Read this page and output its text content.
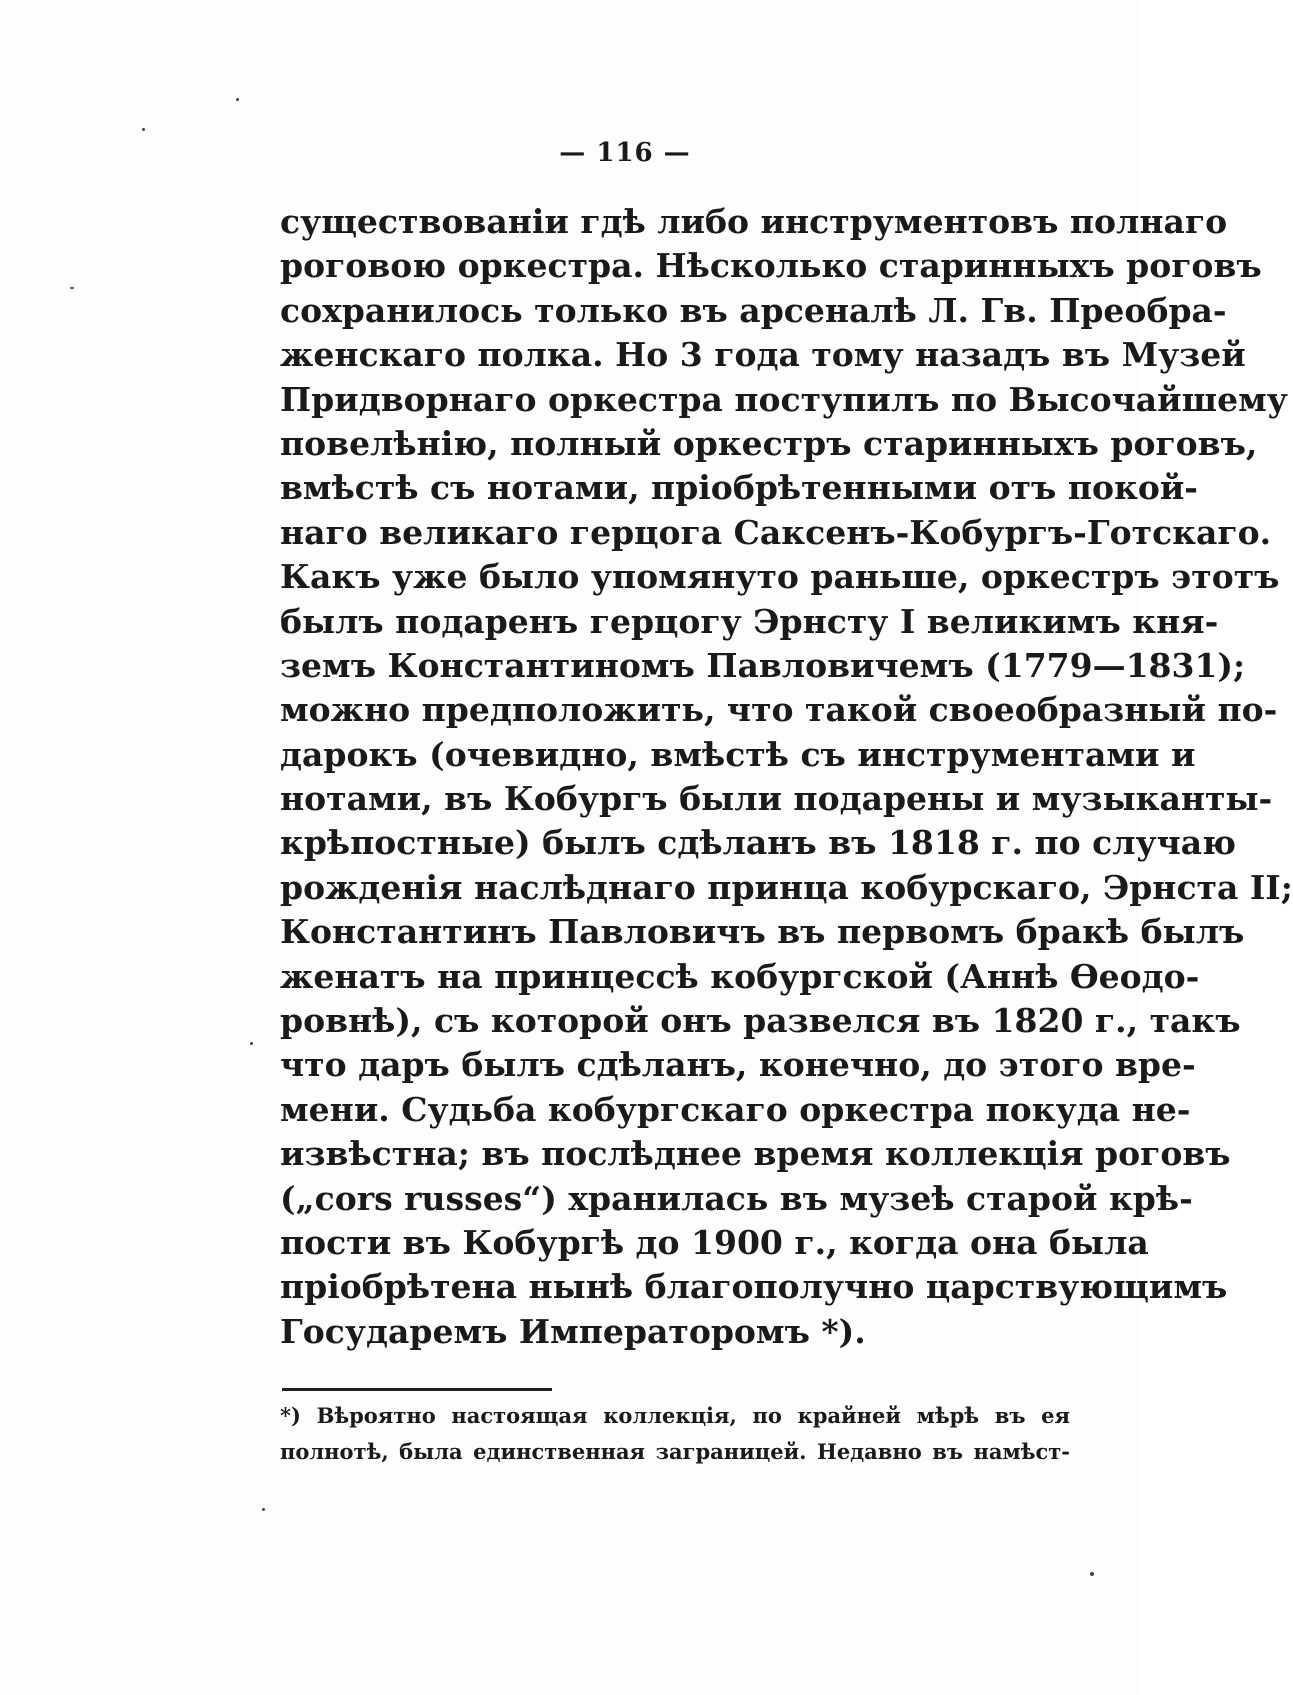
— 116 —
существованіи гдѣ либо инструментовъ полнаго
роговою оркестра. Нѣсколько старинныхъ роговъ
сохранилось только въ арсеналѣ Л. Гв. Преобра-
женскаго полка. Но 3 года тому назадъ въ Музей
Придворнаго оркестра поступилъ по Высочайшему
повелѣнію, полный оркестръ старинныхъ роговъ,
вмѣстѣ съ нотами, пріобрѣтенными отъ покой-
наго великаго герцога Саксенъ-Кобургъ-Готскаго.
Какъ уже было упомянуто раньше, оркестръ этотъ
былъ подаренъ герцогу Эрнсту I великимъ кня-
земъ Константиномъ Павловичемъ (1779—1831);
можно предположить, что такой своеобразный по-
дарокъ (очевидно, вмѣстѣ съ инструментами и
нотами, въ Кобургъ были подарены и музыканты-
крѣпостные) былъ сдѣланъ въ 1818 г. по случаю
рожденія наслѣднаго принца кобурскаго, Эрнста II;
Константинъ Павловичъ въ первомъ бракѣ былъ
женатъ на принцессѣ кобургской (Аннѣ Ѳеодо-
ровнѣ), съ которой онъ развелся въ 1820 г., такъ
что даръ былъ сдѣланъ, конечно, до этого вре-
мени. Судьба кобургскаго оркестра покуда не-
извѣстна; въ послѣднее время коллекція роговъ
(„cors russes“) хранилась въ музеѣ старой крѣ-
пости въ Кобургѣ до 1900 г., когда она была
пріобрѣтена нынѣ благополучно царствующимъ
Государемъ Императоромъ *).
*) Вѣроятно настоящая коллекція, по крайней мѣрѣ въ ея
полнотѣ, была единственная заграницей. Недавно въ намѣст-
